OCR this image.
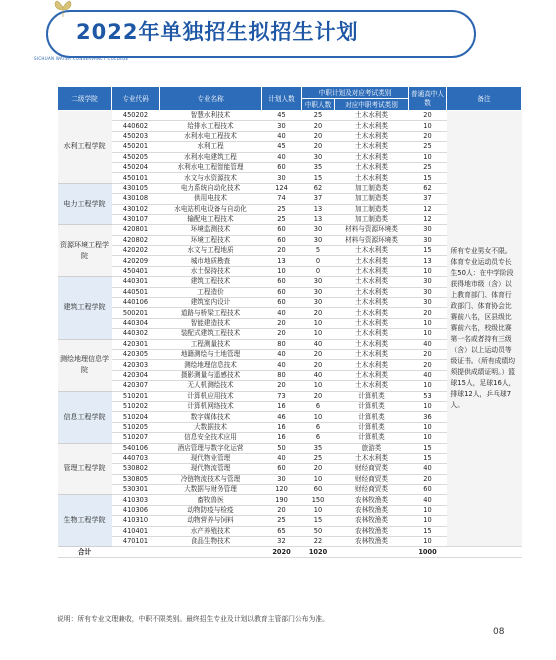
2022年单独招生拟招生计划
SICHUAN WATER CONSERVANCY COLLEGE
二级学院	专业代码	专业名称	计划人数	中职计划及对应考试类别		普通高中人数	备注
				中职人数	对应中职考试类别		
水利工程学院	450202	智慧水利技术	45	25	土木水利类	20	所有专业男女不限。体育专业运动员专长生50人：在中学阶段获得地市级（含）以上教育部门、体育行政部门、体育协会比赛前八名，区县级比赛前六名，校级比赛第一名或者持有三级（含）以上运动员等级证书。（所有成绩均须提供成绩证明。）篮球15人，足球16人，排球12人，乒乓球7人。
	440602	给排水工程技术	30	20	土木水利类	10	
	450203	水利水电工程技术	40	20	土木水利类	20	
	450201	水利工程	45	20	土木水利类	25	
	450205	水利水电建筑工程	40	30	土木水利类	10	
	450204	水利水电工程智能管理	60	35	土木水利类	25	
	450101	水文与水资源技术	30	15	土木水利类	15	
电力工程学院	430105	电力系统自动化技术	124	62	加工制造类	62	
	430108	供用电技术	74	37	加工制造类	37	
	430102	水电站机电设备与自动化	25	13	加工制造类	12	
	430107	输配电工程技术	25	13	加工制造类	12	
资源环境工程学院	420801	环境监测技术	60	30	材料与资源环境类	30	
	420802	环境工程技术	60	30	材料与资源环境类	30	
	420202	水文与工程地质	20	5	土木水利类	15	
	420209	城市地质勘查	13	0	土木水利类	13	
	450401	水土保持技术	10	0	土木水利类	10	
建筑工程学院	440301	建筑工程技术	60	30	土木水利类	30	
	440501	工程造价	60	30	土木水利类	30	
	440106	建筑室内设计	60	30	土木水利类	30	
	500201	道路与桥梁工程技术	40	20	土木水利类	20	
	440304	智能建造技术	20	10	土木水利类	10	
	440302	装配式建筑工程技术	20	10	土木水利类	10	
测绘地理信息学院	420301	工程测量技术	80	40	土木水利类	40	
	420305	地籍测绘与土地管理	40	20	土木水利类	20	
	420303	测绘地理信息技术	40	20	土木水利类	20	
	420304	摄影测量与遥感技术	80	40	土木水利类	40	
	420307	无人机测绘技术	20	10	土木水利类	10	
信息工程学院	510201	计算机应用技术	73	20	计算机类	53	
	510202	计算机网络技术	16	6	计算机类	10	
	510204	数字媒体技术	46	10	计算机类	36	
	510205	大数据技术	16	6	计算机类	10	
	510207	信息安全技术应用	16	6	计算机类	10	
管理工程学院	540106	酒店管理与数字化运营	50	35	旅游类	15	
	440703	现代物业管理	40	25	土木水利类	15	
	530802	现代物流管理	60	20	财经商贸类	40	
	530805	冷链物流技术与管理	30	10	财经商贸类	20	
	530301	大数据与财务管理	120	60	财经商贸类	60	
生物工程学院	410303	畜牧兽医	190	150	农林牧渔类	40	
	410306	动物防疫与检疫	20	10	农林牧渔类	10	
	410310	动物营养与饲料	25	15	农林牧渔类	10	
	410401	水产养殖技术	65	50	农林牧渔类	15	
	470101	食品生物技术	32	22	农林牧渔类	10	
合计			2020	1020		1000	
说明：所有专业文理兼收，中职不限类别。最终招生专业及计划以教育主管部门公布为准。
08
